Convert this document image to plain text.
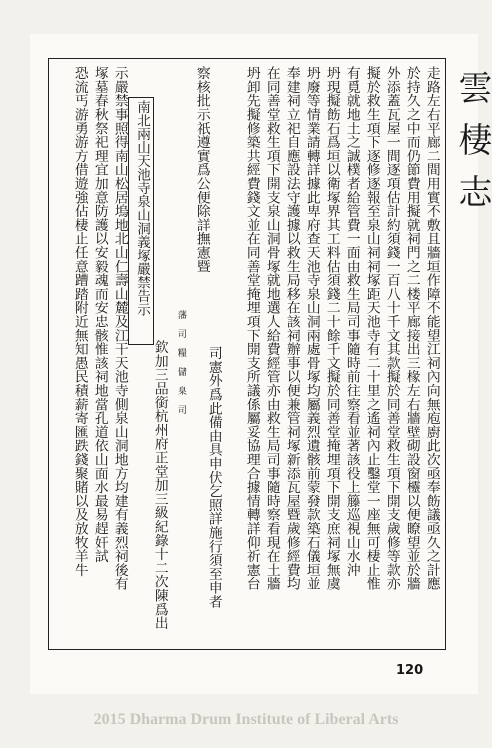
雲棲志
走路左右平廊二間用實不敷且牆垣作障不能望江祠內向無庖廚此次亟奉飭議亟久之計應
於持久之中而仍節費用擬就祠門之二楼平廊接出三椽左右牆壁砌設窗欞以便瞭望並於牆
外添蓋瓦屋一間逐項估計約須錢一百八十千文其款擬於同善堂救生項下開支歲修等款亦
擬於救生項下逐修逐報至泉山祠祠塚距天池寺有二十里之遙祠內止鑿堂一座無可棲止惟
有覓就地土之誠樸者給管費一面由救生局司事隨時前往察看並著該役上籐巡視山水沖
坍現擬飭石爲垣以衛塚界其工料估須錢二十餘千文擬於同善堂掩埋項下開支庶祠塚無虞
坍廢等情業請轉詳據此卑府查天池寺泉山洞兩處骨塚均屬義烈遺骸前蒙發款築石儀垣並
奉建祠立祀自應設法守護據以救生局移在該祠辦事以便兼管祠塚新添瓦屋暨歲修經費均
在同善堂救生項下開支泉山洞骨塚就地選人給費經管亦由救生局司事隨時察看現在土牆
坍卸先擬修築共經費錢文並在同善堂掩埋項下開支所議係屬妥協理合據情轉詳仰祈憲台
察核批示祇遵實爲公便除詳撫憲暨
藩 司 糧 儲 臬 司 司憲外爲此備由具申伏乞照詳施行須至申者
南北兩山天池寺泉山洞義塚嚴禁告示
欽加三品銜杭州府正堂加三級紀錄十二次陳爲出
示嚴禁事照得南山松居塢地北山仁壽山麓及江干天池寺側泉山洞地方均建有義烈祠後有
塚墓春秋祭祀理宜加意防護以安毅魂而安忠骸惟該祠地當孔道依山面水最易趕奸試
恐流丐游勇游方借遊強佔棲止任意蹧踏附近無知愚民積薪寄匯跌錢聚賭以及放牧羊牛
120
2015 Dharma Drum Institute of Liberal Arts
